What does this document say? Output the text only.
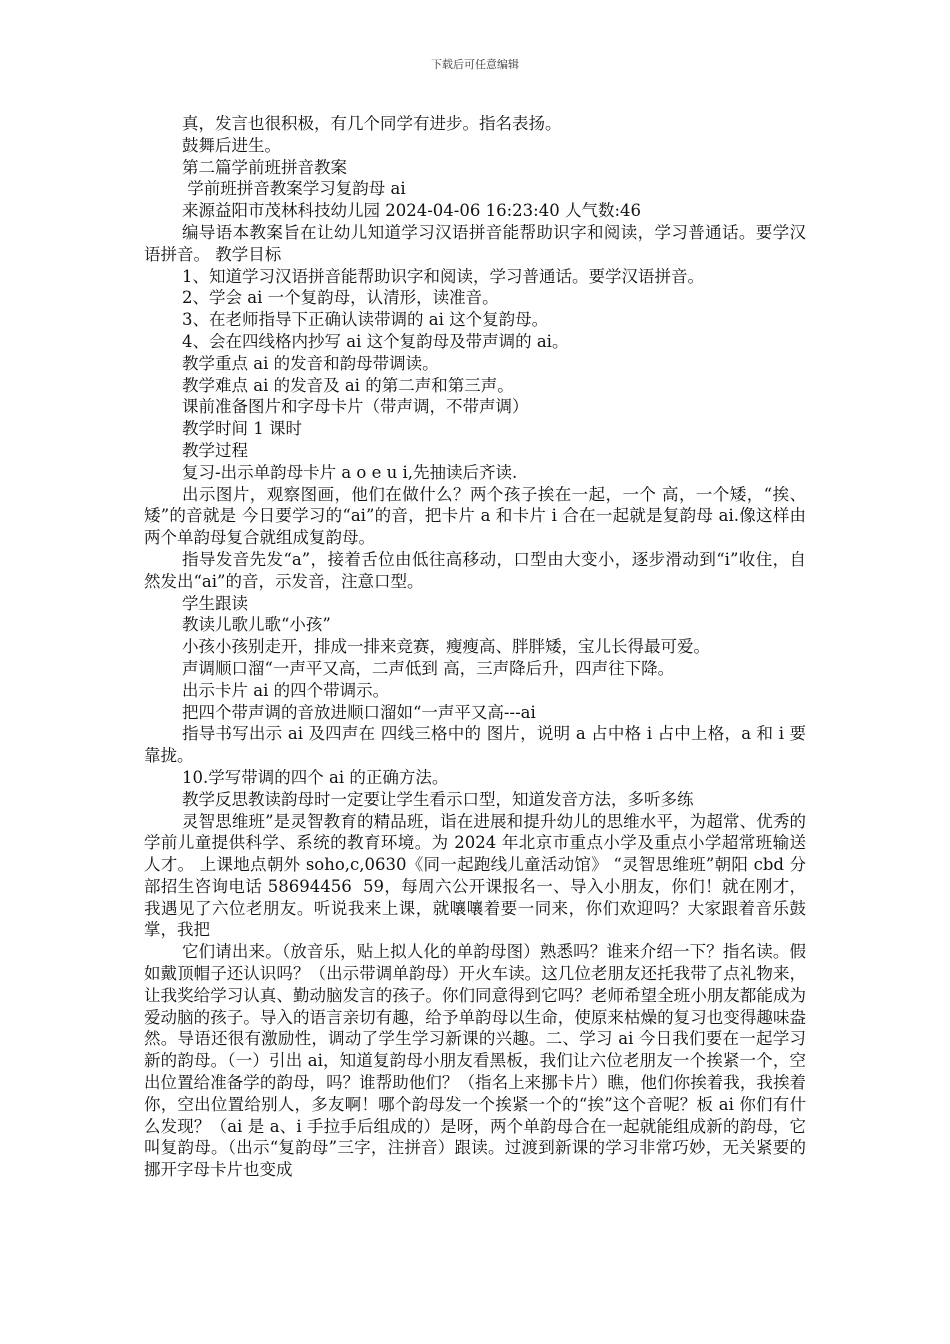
下载后可任意编辑

真，发言也很积极，有几个同学有进步。指名表扬。

鼓舞后进生。

第二篇学前班拼音教案

学前班拼音教案学习复韵母 ai

来源益阳市茂林科技幼儿园 2024-04-06 16:23:40 人气数:46

编导语本教案旨在让幼儿知道学习汉语拼音能帮助识字和阅读，学习普通话。要学汉语拼音。 教学目标

1、知道学习汉语拼音能帮助识字和阅读，学习普通话。要学汉语拼音。

2、学会 ai 一个复韵母，认清形，读准音。

3、在老师指导下正确认读带调的 ai 这个复韵母。

4、会在四线格内抄写 ai 这个复韵母及带声调的 ai。

教学重点 ai 的发音和韵母带调读。

教学难点 ai 的发音及 ai 的第二声和第三声。

课前准备图片和字母卡片（带声调，不带声调）

教学时间 1 课时

教学过程

复习-出示单韵母卡片 a o e u i,先抽读后齐读.

出示图片，观察图画，他们在做什么？两个孩子挨在一起，一个 高，一个矮，“挨、矮”的音就是 今日要学习的“ai”的音，把卡片 a 和卡片 i 合在一起就是复韵母 ai.像这样由两个单韵母复合就组成复韵母。

指导发音先发“a”，接着舌位由低往高移动，口型由大变小，逐步滑动到“i”收住，自然发出“ai”的音，示发音，注意口型。

学生跟读

教读儿歌儿歌“小孩”

小孩小孩别走开，排成一排来竞赛，瘦瘦高、胖胖矮，宝儿长得最可爱。

声调顺口溜“一声平又高，二声低到 高，三声降后升，四声往下降。

出示卡片 ai 的四个带调示。

把四个带声调的音放进顺口溜如“一声平又高---ai

指导书写出示 ai 及四声在 四线三格中的 图片，说明 a 占中格 i 占中上格，a 和 i 要靠拢。

10.学写带调的四个 ai 的正确方法。

教学反思教读韵母时一定要让学生看示口型，知道发音方法，多听多练

灵智思维班”是灵智教育的精品班，诣在进展和提升幼儿的思维水平，为超常、优秀的学前儿童提供科学、系统的教育环境。为 2024 年北京市重点小学及重点小学超常班输送人才。 上课地点朝外 soho,c,0630《同一起跑线儿童活动馆》 “灵智思维班”朝阳 cbd 分部招生咨询电话 58694456  59，每周六公开课报名一、导入小朋友，你们！就在刚才，我遇见了六位老朋友。听说我来上课，就嚷嚷着要一同来，你们欢迎吗？大家跟着音乐鼓掌，我把

它们请出来。（放音乐，贴上拟人化的单韵母图）熟悉吗？谁来介绍一下？指名读。假如戴顶帽子还认识吗？（出示带调单韵母）开火车读。这几位老朋友还托我带了点礼物来，让我奖给学习认真、勤动脑发言的孩子。你们同意得到它吗？老师希望全班小朋友都能成为爱动脑的孩子。导入的语言亲切有趣，给予单韵母以生命，使原来枯燥的复习也变得趣味盎然。导语还很有激励性，调动了学生学习新课的兴趣。二、学习 ai 今日我们要在一起学习新的韵母。（一）引出 ai，知道复韵母小朋友看黑板，我们让六位老朋友一个挨紧一个，空出位置给准备学的韵母，吗？谁帮助他们？（指名上来挪卡片）瞧，他们你挨着我，我挨着你，空出位置给别人，多友啊！哪个韵母发一个挨紧一个的“挨”这个音呢？板 ai 你们有什么发现？（ai 是 a、i 手拉手后组成的）是呀，两个单韵母合在一起就能组成新的韵母，它叫复韵母。（出示“复韵母”三字，注拼音）跟读。过渡到新课的学习非常巧妙，无关紧要的挪开字母卡片也变成
